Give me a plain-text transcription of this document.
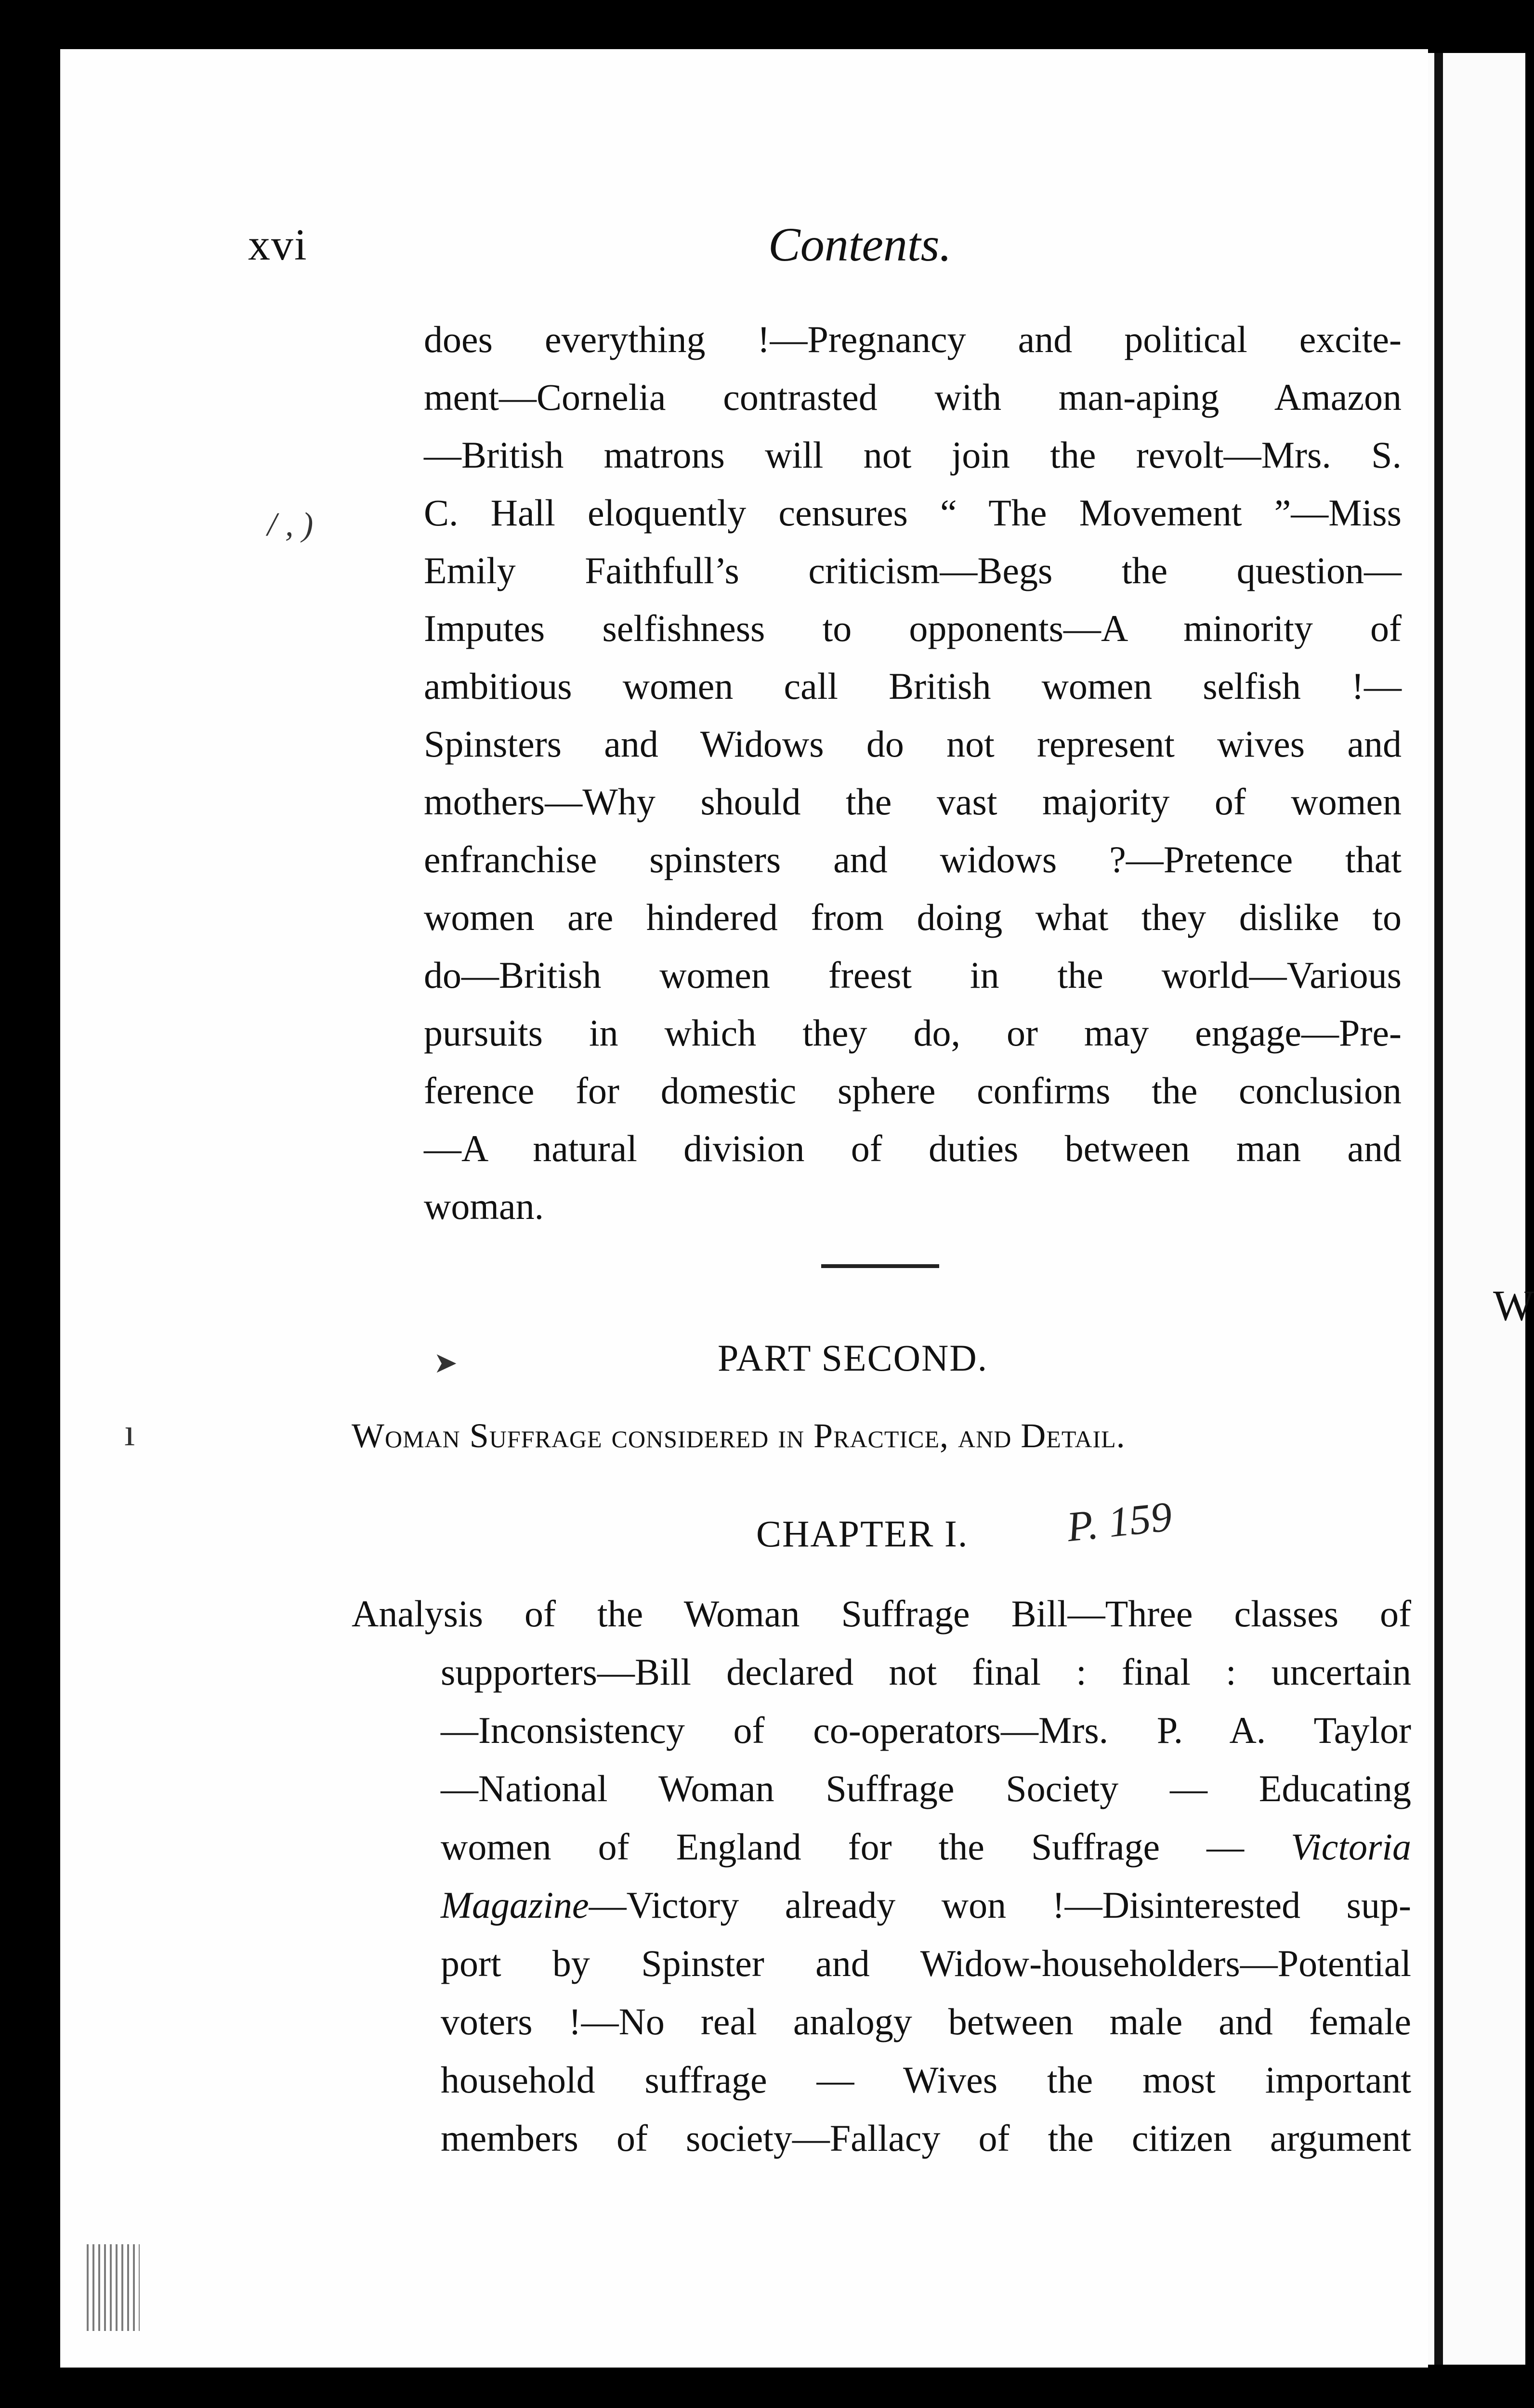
W
xvi	Contents.
does everything !—Pregnancy and political excite-
ment—Cornelia contrasted with man-aping Amazon
—British matrons will not join the revolt—Mrs. S.
C. Hall eloquently censures “ The Movement ”—Miss
Emily Faithfull’s criticism—Begs the question—
Imputes selfishness to opponents—A minority of
ambitious women call British women selfish !—
Spinsters and Widows do not represent wives and
mothers—Why should the vast majority of women
enfranchise spinsters and widows ?—Pretence that
women are hindered from doing what they dislike to
do—British women freest in the world—Various
pursuits in which they do, or may engage—Pre-
ference for domestic sphere confirms the conclusion
—A natural division of duties between man and
woman.
PART SECOND.
Woman Suffrage considered in Practice, and Detail.
CHAPTER I. P. 159
Analysis of the Woman Suffrage Bill—Three classes of
supporters—Bill declared not final : final : uncertain
—Inconsistency of co-operators—Mrs. P. A. Taylor
—National Woman Suffrage Society — Educating
women of England for the Suffrage — Victoria
Magazine—Victory already won !—Disinterested sup-
port by Spinster and Widow-householders—Potential
voters !—No real analogy between male and female
household suffrage — Wives the most important
members of society—Fallacy of the citizen argument
/ , )
ı
➤
